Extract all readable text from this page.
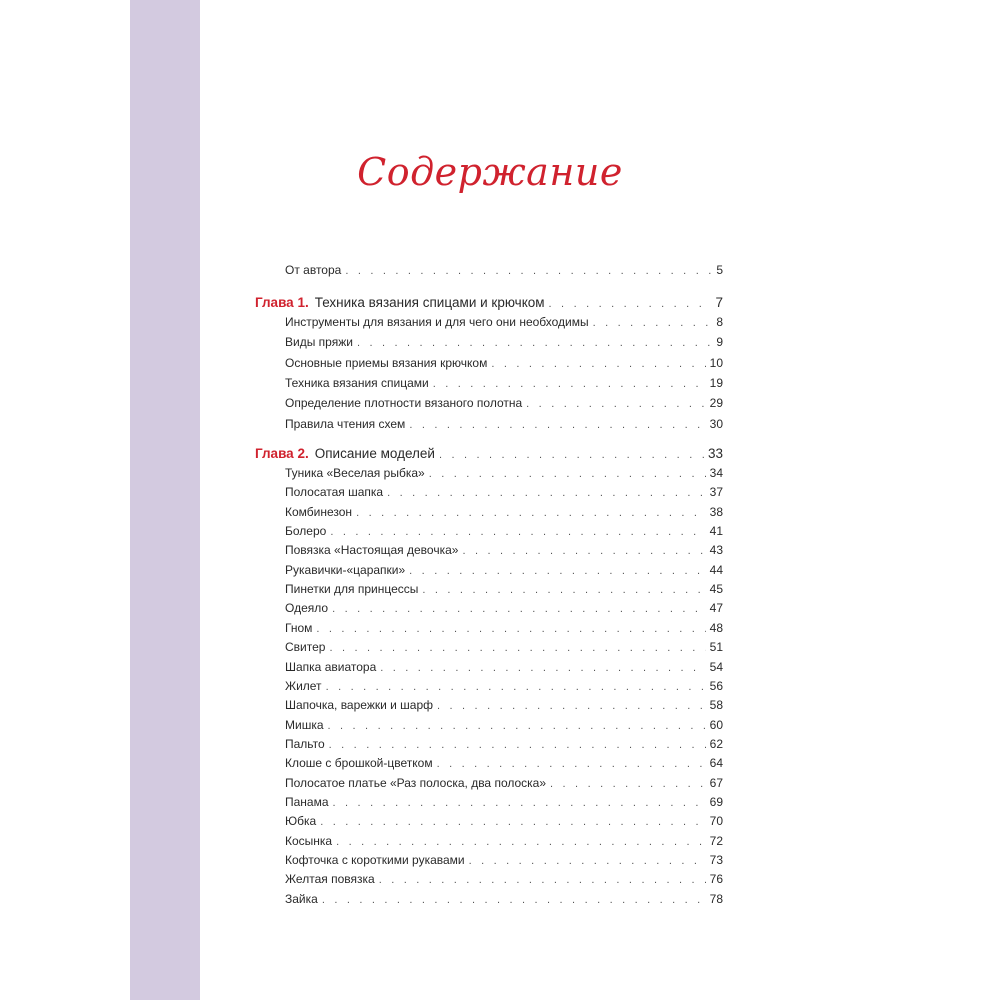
Содержание
От автора . . .	5
Глава 1. Техника вязания спицами и крючком . . .	7
Инструменты для вязания и для чего они необходимы . . .	8
Виды пряжи . . .	9
Основные приемы вязания крючком . . .	10
Техника вязания спицами . . .	19
Определение плотности вязаного полотна . . .	29
Правила чтения схем . . .	30
Глава 2. Описание моделей . . .	33
Туника «Веселая рыбка» . . .	34
Полосатая шапка . . .	37
Комбинезон . . .	38
Болеро . . .	41
Повязка «Настоящая девочка» . . .	43
Рукавички-«царапки» . . .	44
Пинетки для принцессы . . .	45
Одеяло . . .	47
Гном . . .	48
Свитер . . .	51
Шапка авиатора . . .	54
Жилет . . .	56
Шапочка, варежки и шарф . . .	58
Мишка . . .	60
Пальто . . .	62
Клоше с брошкой-цветком . . .	64
Полосатое платье «Раз полоска, два полоска» . . .	67
Панама . . .	69
Юбка . . .	70
Косынка . . .	72
Кофточка с короткими рукавами . . .	73
Желтая повязка . . .	76
Зайка . . .	78
